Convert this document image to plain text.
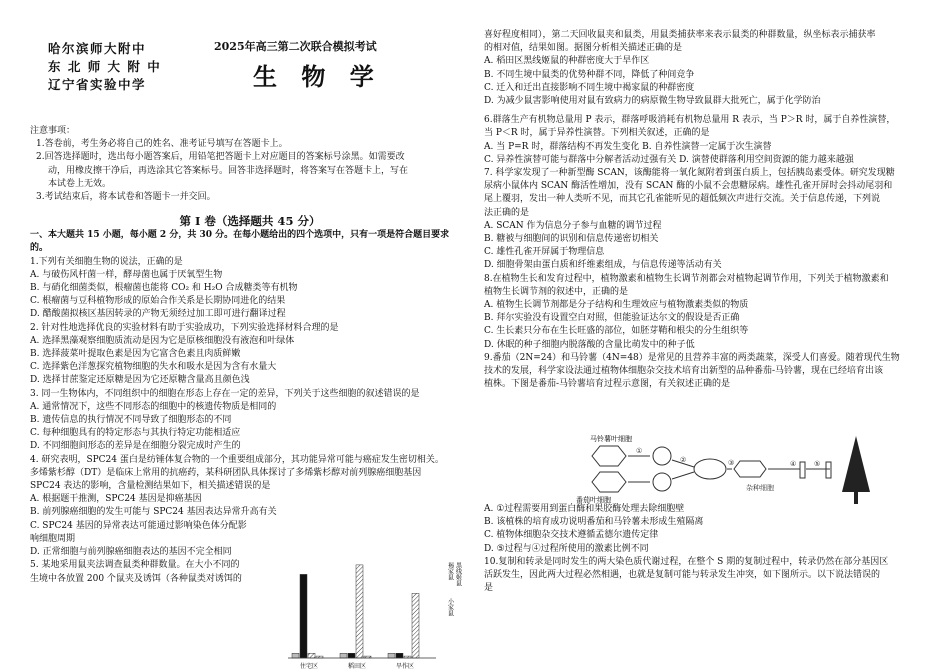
哈尔滨师大附中
东 北 师 大 附 中
辽宁省实验中学
2025年高三第二次联合模拟考试
生 物 学
注意事项：
1.答卷前，考生务必将自己的姓名、准考证号填写在答题卡上。
2.回答选择题时，选出每小题答案后，用铅笔把答题卡上对应题目的答案标号涂黑。如需要改
动，用橡皮擦干净后，再选涂其它答案标号。回答非选择题时，将答案写在答题卡上，写在
本试卷上无效。
3.考试结束后，将本试卷和答题卡一并交回。
第 I 卷（选择题共 45 分）
一、本大题共 15 小题，每小题 2 分，共 30 分。在每小题给出的四个选项中，只有一项是符合题目要求
的。
1.下列有关细胞生物的说法，正确的是
A. 与破伤风杆菌一样，酵母菌也属于厌氧型生物
B. 与硝化细菌类似，根瘤菌也能将 CO₂ 和 H₂O 合成糖类等有机物
C. 根瘤菌与豆科植物形成的原始合作关系是长期协同进化的结果
D. 醋酸菌拟核区基因转录的产物无须经过加工即可进行翻译过程
2. 针对性地选择优良的实验材料有助于实验成功，下列实验选择材料合理的是
A. 选择黑藻观察细胞质流动是因为它是原核细胞没有液泡和叶绿体
B. 选择菠菜叶提取色素是因为它富含色素且肉质鲜嫩
C. 选择紫色洋葱探究植物细胞的失水和吸水是因为含有水量大
D. 选择甘蔗鉴定还原糖是因为它还原糖含量高且颜色浅
3. 同一生物体内，不同组织中的细胞在形态上存在一定的差异，下列关于这些细胞的叙述错误的是
A. 通常情况下，这些不同形态的细胞中的核遗传物质是相同的
B. 遗传信息的执行情况不同导致了细胞形态的不同
C. 每种细胞具有的特定形态与其执行特定功能相适应
D. 不同细胞间形态的差异是在细胞分裂完成时产生的
4. 研究表明，SPC24 蛋白是纺锤体复合物的一个重要组成部分，其功能异常可能与癌症发生密切相关。
多烯紫杉醇（DT）是临床上常用的抗癌药，某科研团队具体探讨了多烯紫杉醇对前列腺癌细胞基因
SPC24 表达的影响，含量检测结果如下，相关描述错误的是
A. 根据题干推测，SPC24 基因是抑癌基因
B. 前列腺癌细胞的发生可能与 SPC24 基因表达异常升高有关
C. SPC24 基因的异常表达可能通过影响染色体分配影
响细胞周期
D. 正常细胞与前列腺癌细胞表达的基因不完全相同
5. 某地采用鼠夹法调查鼠类种群数量。在大小不同的
生境中各放置 200 个鼠夹及诱饵（各种鼠类对诱饵的
喜好程度相同），第二天回收鼠夹和鼠类，用鼠类捕获率来表示鼠类的种群数量，纵坐标表示捕获率
的相对值，结果如图。据图分析相关描述正确的是
A. 稻田区黑线姬鼠的种群密度大于旱作区
B. 不同生境中鼠类的优势种群不同，降低了种间竞争
C. 迁入和迁出直接影响不同生境中褐家鼠的种群密度
D. 为减少鼠害影响使用对鼠有致病力的病原微生物导致鼠群大批死亡，属于化学防治
6.群落生产有机物总量用 P 表示，群落呼吸消耗有机物总量用 R 表示，当 P＞R 时，属于自养性演替，
当 P＜R 时，属于异养性演替。下列相关叙述，正确的是
A. 当 P=R 时，群落结构不再发生变化 B. 自养性演替一定属于次生演替
C. 异养性演替可能与群落中分解者活动过强有关 D. 演替使群落利用空间资源的能力越来越强
7. 科学家发现了一种新型酶 SCAN，该酶能将一氧化氮附着到蛋白质上，包括胰岛素受体。研究发现糖
尿病小鼠体内 SCAN 酶活性增加，没有 SCAN 酶的小鼠不会患糖尿病。雄性孔雀开屏时会抖动尾羽和
尾上覆羽，发出一种人类听不见，而其它孔雀能听见的超低频次声进行交流。关于信息传递，下列说
法正确的是
A. SCAN 作为信息分子参与血糖的调节过程
B. 糖被与细胞间的识别和信息传递密切相关
C. 雄性孔雀开屏属于物理信息
D. 细胞骨架由蛋白质和纤维素组成，与信息传递等活动有关
8.在植物生长和发育过程中，植物激素和植物生长调节剂都会对植物起调节作用，下列关于植物激素和
植物生长调节剂的叙述中，正确的是
A. 植物生长调节剂都是分子结构和生理效应与植物激素类似的物质
B. 拜尔实验没有设置空白对照，但能验证达尔文的假设是否正确
C. 生长素只分布在生长旺盛的部位，如胚芽鞘和根尖的分生组织等
D. 休眠的种子细胞内脱落酸的含量比萌发中的种子低
9.番茄（2N=24）和马铃薯（4N=48）是常见的且营养丰富的两类蔬菜，深受人们喜爱。随着现代生物
技术的发展，科学家设法通过植物体细胞杂交技术培育出新型的品种番茄-马铃薯，现在已经培育出该
植株。下图是番茄-马铃薯培育过程示意图，有关叙述正确的是
A. ①过程需要用到蛋白酶和果胶酶处理去除细胞壁
B. 该植株的培育成功说明番茄和马铃薯未形成生殖隔离
C. 植物体细胞杂交技术遵循孟德尔遗传定律
D. ⑤过程与④过程所使用的激素比例不同
10.复制和转录是同时发生的两大染色质代谢过程，在整个 S 期的复制过程中，转录仍然在部分基因区
活跃发生，因此两大过程必然相遇，也就是复制可能与转录发生冲突，如下图所示。以下说法错误的
是
马铃薯叶细胞
番茄叶细胞
①
②	③	④	⑤
杂种细胞
住宅区	稻田区	旱作区
褐家鼠 黑线姬鼠
小家鼠
